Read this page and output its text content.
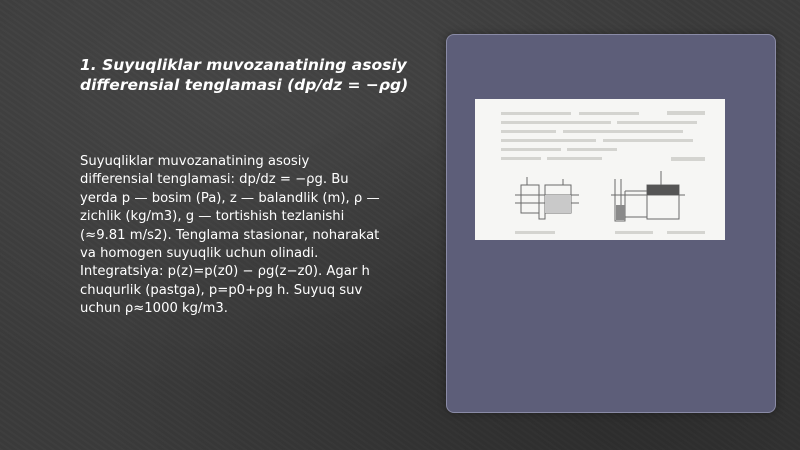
1. Suyuqliklar muvozanatining asosiy
differensial tenglamasi (dp/dz = −ρg)
Suyuqliklar muvozanatining asosiy
differensial tenglamasi: dp/dz = −ρg. Bu
yerda p — bosim (Pa), z — balandlik (m), ρ —
zichlik (kg/m3), g — tortishish tezlanishi
(≈9.81 m/s2). Tenglama stasionar, noharakat
va homogen suyuqlik uchun olinadi.
Integratsiya: p(z)=p(z0) − ρg(z−z0). Agar h
chuqurlik (pastga), p=p0+ρg h. Suyuq suv
uchun ρ≈1000 kg/m3.
